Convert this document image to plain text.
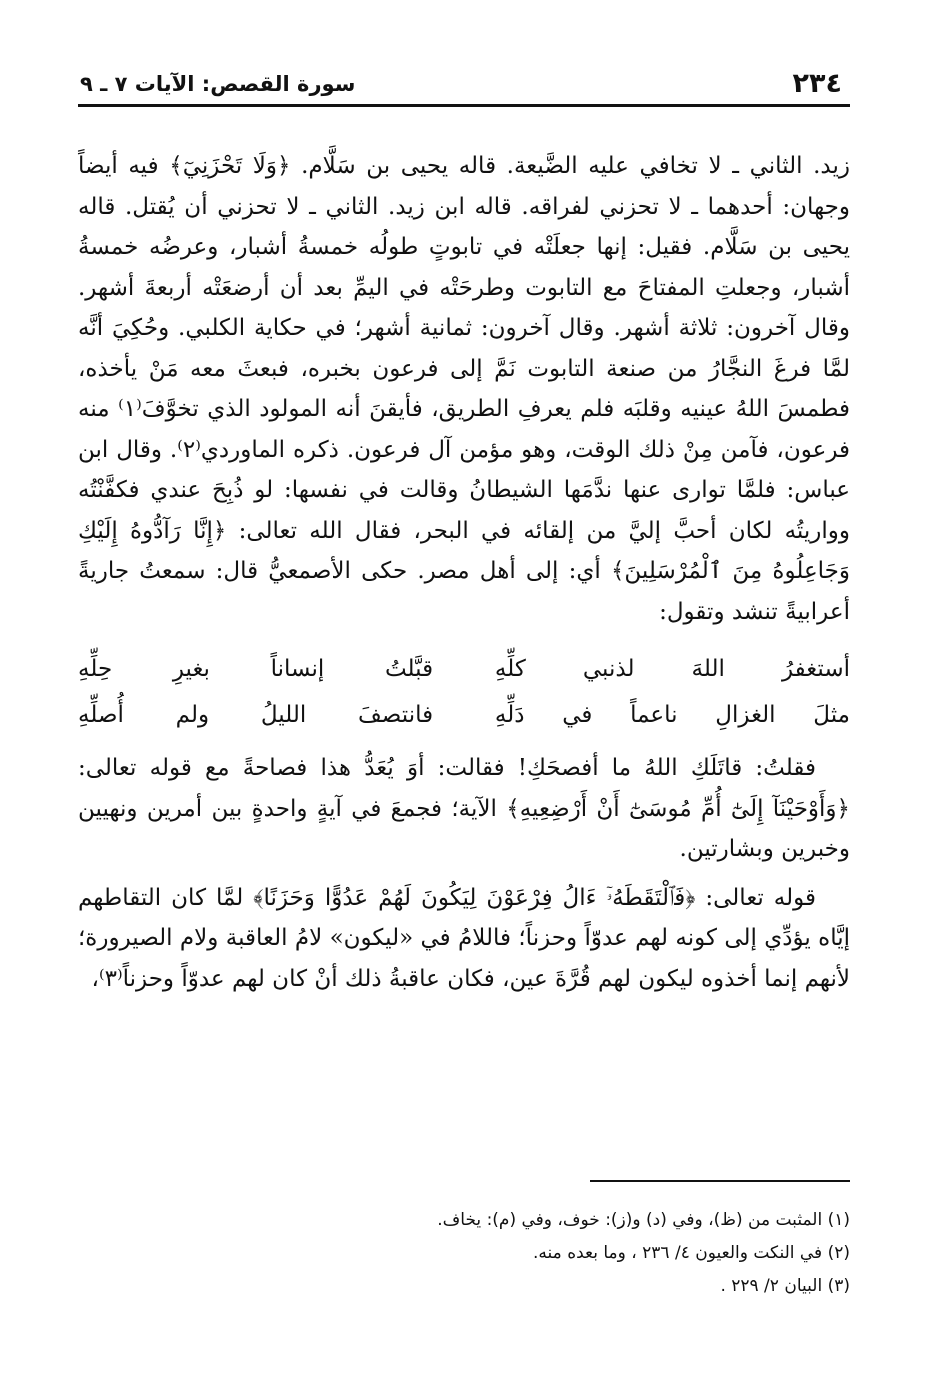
٢٣٤
سورة القصص: الآيات ٧ ـ ٩

زيد. الثاني ـ لا تخافي عليه الضَّيعة. قاله يحيى بن سَلَّام. ﴿وَلَا تَحْزَنِيٓ﴾ فيه أيضاً وجهان: أحدهما ـ لا تحزني لفراقه. قاله ابن زيد. الثاني ـ لا تحزني أن يُقتل. قاله يحيى بن سَلَّام. فقيل: إنها جعلَتْه في تابوتٍ طولُه خمسةُ أشبار، وعرضُه خمسةُ أشبار، وجعلتِ المفتاحَ مع التابوت وطرحَتْه في اليمِّ بعد أن أرضعَتْه أربعةَ أشهر. وقال آخرون: ثلاثة أشهر. وقال آخرون: ثمانية أشهر؛ في حكاية الكلبي. وحُكِيَ أنَّه لمَّا فرغَ النجَّارُ من صنعة التابوت نَمَّ إلى فرعون بخبره، فبعثَ معه مَنْ يأخذه، فطمسَ اللهُ عينيه وقلبَه فلم يعرفِ الطريق، فأيقنَ أنه المولود الذي تخوَّفَ⁽١⁾ منه فرعون، فآمن مِنْ ذلك الوقت، وهو مؤمن آل فرعون. ذكره الماوردي⁽٢⁾. وقال ابن عباس: فلمَّا توارى عنها ندَّمَها الشيطانُ وقالت في نفسها: لو ذُبِحَ عندي فكفَّنْتُه وواريتُه لكان أحبَّ إليَّ من إلقائه في البحر، فقال الله تعالى: ﴿إِنَّا رَآدُّوهُ إِلَيْكِ وَجَاعِلُوهُ مِنَ ٱلْمُرْسَلِينَ﴾ أي: إلى أهل مصر. حكى الأصمعيُّ قال: سمعتُ جاريةً أعرابيةً تنشد وتقول:

أستغفرُ اللهَ لذنبي كلِّهِ
قبَّلتُ إنساناً بغيرِ حِلِّهِ
مثلَ الغزالِ ناعماً في دَلِّهِ
فانتصفَ الليلُ ولم أُصلِّهِ

فقلتُ: قاتَلَكِ اللهُ ما أفصحَكِ! فقالت: أوَ يُعَدُّ هذا فصاحةً مع قوله تعالى: ﴿وَأَوْحَيْنَآ إِلَىٰٓ أُمِّ مُوسَىٰٓ أَنْ أَرْضِعِيهِ﴾ الآية؛ فجمعَ في آيةٍ واحدةٍ بين أمرين ونهيين وخبرين وبشارتين.

قوله تعالى: ﴿فَٱلْتَقَطَهُۥٓ ءَالُ فِرْعَوْنَ لِيَكُونَ لَهُمْ عَدُوًّا وَحَزَنًا﴾ لمَّا كان التقاطهم إيَّاه يؤدِّي إلى كونه لهم عدوّاً وحزناً؛ فاللامُ في «ليكون» لامُ العاقبة ولام الصيرورة؛ لأنهم إنما أخذوه ليكون لهم قُرَّةَ عين، فكان عاقبةُ ذلك أنْ كان لهم عدوّاً وحزناً⁽٣⁾،

(١) المثبت من (ظ)، وفي (د) و(ز): خوف، وفي (م): يخاف.

(٢) في النكت والعيون ٤/ ٢٣٦ ، وما بعده منه.

(٣) البيان ٢/ ٢٢٩ .
